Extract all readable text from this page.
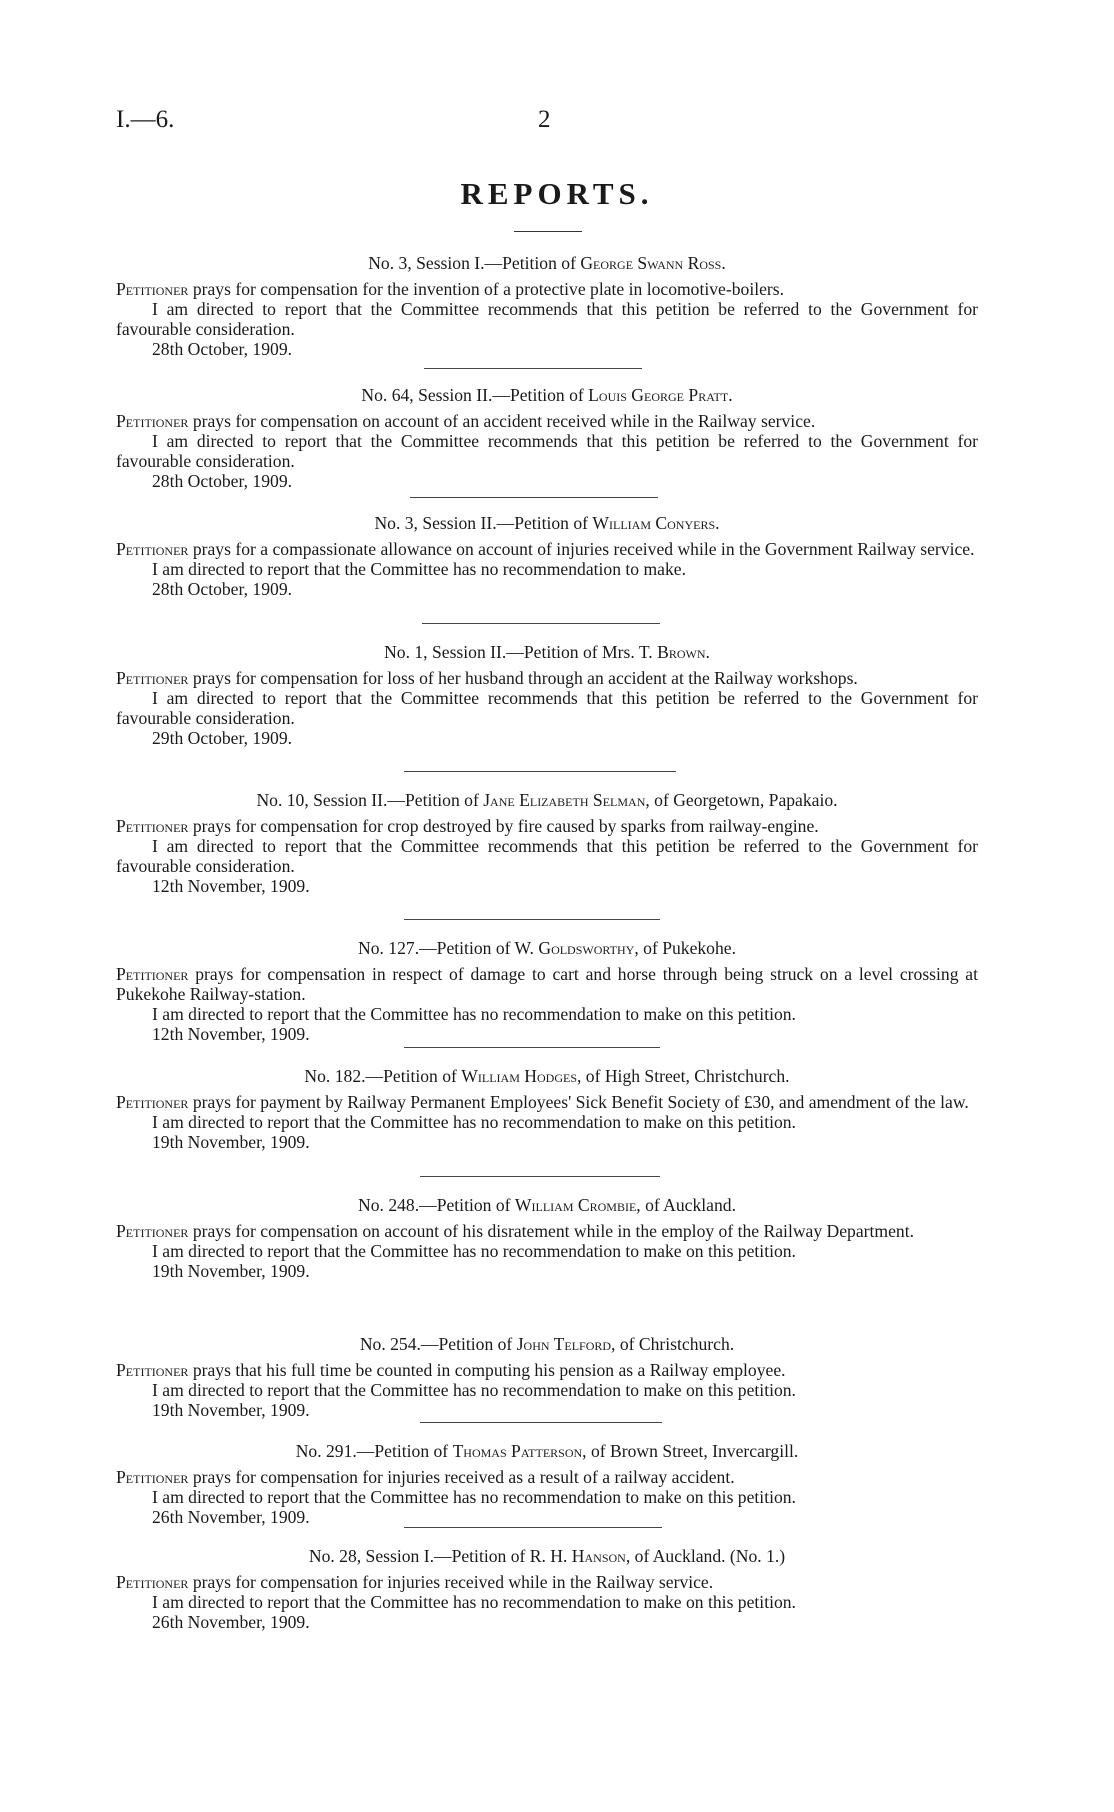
I.—6.	2
REPORTS.
No. 3, Session I.—Petition of George Swann Ross.

Petitioner prays for compensation for the invention of a protective plate in locomotive-boilers.

I am directed to report that the Committee recommends that this petition be referred to the Government for favourable consideration.

28th October, 1909.
No. 64, Session II.—Petition of Louis George Pratt.

Petitioner prays for compensation on account of an accident received while in the Railway service.

I am directed to report that the Committee recommends that this petition be referred to the Government for favourable consideration.

28th October, 1909.
No. 3, Session II.—Petition of William Conyers.

Petitioner prays for a compassionate allowance on account of injuries received while in the Government Railway service.

I am directed to report that the Committee has no recommendation to make.

28th October, 1909.
No. 1, Session II.—Petition of Mrs. T. Brown.

Petitioner prays for compensation for loss of her husband through an accident at the Railway workshops.

I am directed to report that the Committee recommends that this petition be referred to the Government for favourable consideration.

29th October, 1909.
No. 10, Session II.—Petition of Jane Elizabeth Selman, of Georgetown, Papakaio.

Petitioner prays for compensation for crop destroyed by fire caused by sparks from railway-engine.

I am directed to report that the Committee recommends that this petition be referred to the Government for favourable consideration.

12th November, 1909.
No. 127.—Petition of W. Goldsworthy, of Pukekohe.

Petitioner prays for compensation in respect of damage to cart and horse through being struck on a level crossing at Pukekohe Railway-station.

I am directed to report that the Committee has no recommendation to make on this petition.

12th November, 1909.
No. 182.—Petition of William Hodges, of High Street, Christchurch.

Petitioner prays for payment by Railway Permanent Employees' Sick Benefit Society of £30, and amendment of the law.

I am directed to report that the Committee has no recommendation to make on this petition.

19th November, 1909.
No. 248.—Petition of William Crombie, of Auckland.

Petitioner prays for compensation on account of his disratement while in the employ of the Railway Department.

I am directed to report that the Committee has no recommendation to make on this petition.

19th November, 1909.
No. 254.—Petition of John Telford, of Christchurch.

Petitioner prays that his full time be counted in computing his pension as a Railway employee.

I am directed to report that the Committee has no recommendation to make on this petition.

19th November, 1909.
No. 291.—Petition of Thomas Patterson, of Brown Street, Invercargill.

Petitioner prays for compensation for injuries received as a result of a railway accident.

I am directed to report that the Committee has no recommendation to make on this petition.

26th November, 1909.
No. 28, Session I.—Petition of R. H. Hanson, of Auckland. (No. 1.)

Petitioner prays for compensation for injuries received while in the Railway service.

I am directed to report that the Committee has no recommendation to make on this petition.

26th November, 1909.
